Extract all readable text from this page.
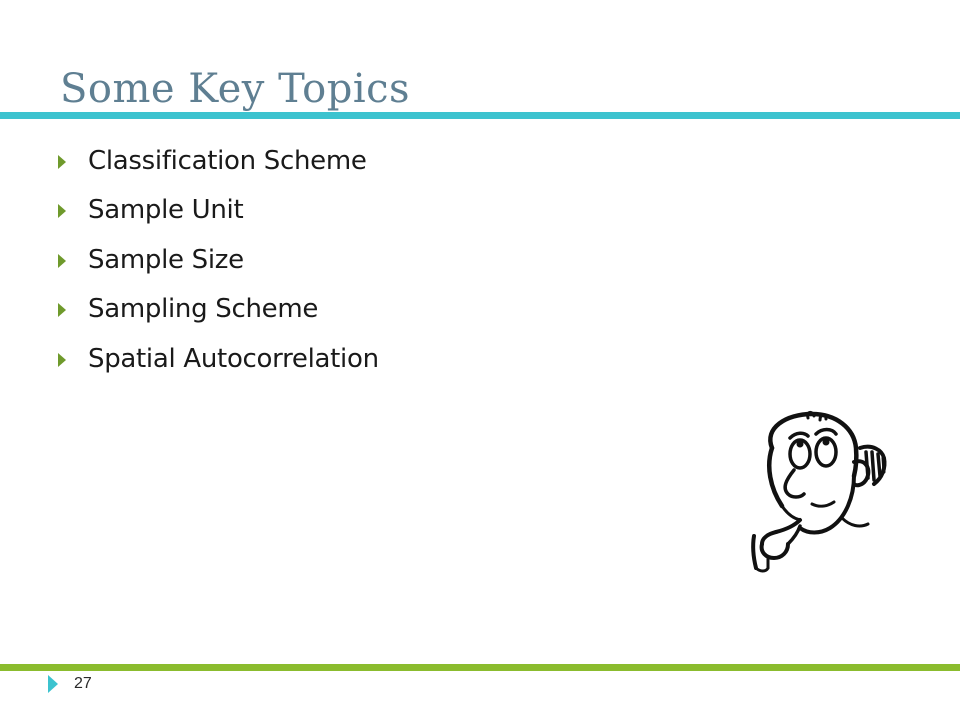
Some Key Topics
Classification Scheme
Sample Unit
Sample Size
Sampling Scheme
Spatial Autocorrelation
27
